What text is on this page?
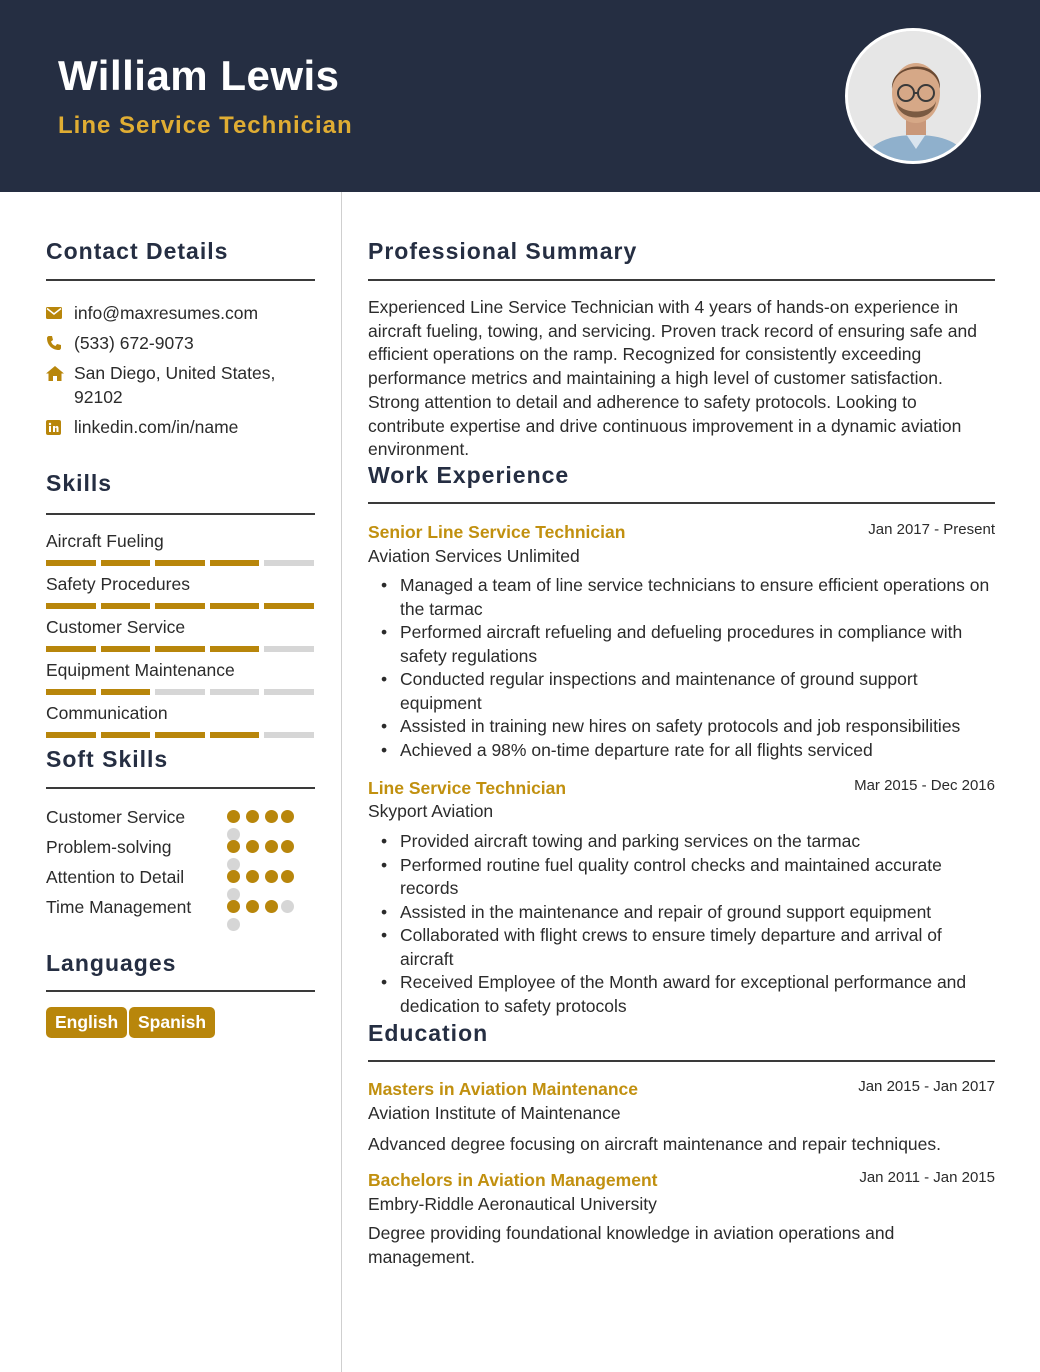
William Lewis
Line Service Technician
Contact Details
info@maxresumes.com
(533) 672-9073
San Diego, United States, 92102
linkedin.com/in/name
Skills
Aircraft Fueling
Safety Procedures
Customer Service
Equipment Maintenance
Communication
Soft Skills
Customer Service
Problem-solving
Attention to Detail
Time Management
Languages
English	Spanish
Professional Summary
Experienced Line Service Technician with 4 years of hands-on experience in aircraft fueling, towing, and servicing. Proven track record of ensuring safe and efficient operations on the ramp. Recognized for consistently exceeding performance metrics and maintaining a high level of customer satisfaction. Strong attention to detail and adherence to safety protocols. Looking to contribute expertise and drive continuous improvement in a dynamic aviation environment.
Work Experience
Senior Line Service Technician	Jan 2017 - Present
Aviation Services Unlimited
• Managed a team of line service technicians to ensure efficient operations on the tarmac
• Performed aircraft refueling and defueling procedures in compliance with safety regulations
• Conducted regular inspections and maintenance of ground support equipment
• Assisted in training new hires on safety protocols and job responsibilities
• Achieved a 98% on-time departure rate for all flights serviced
Line Service Technician	Mar 2015 - Dec 2016
Skyport Aviation
• Provided aircraft towing and parking services on the tarmac
• Performed routine fuel quality control checks and maintained accurate records
• Assisted in the maintenance and repair of ground support equipment
• Collaborated with flight crews to ensure timely departure and arrival of aircraft
• Received Employee of the Month award for exceptional performance and dedication to safety protocols
Education
Masters in Aviation Maintenance	Jan 2015 - Jan 2017
Aviation Institute of Maintenance
Advanced degree focusing on aircraft maintenance and repair techniques.
Bachelors in Aviation Management	Jan 2011 - Jan 2015
Embry-Riddle Aeronautical University
Degree providing foundational knowledge in aviation operations and management.
